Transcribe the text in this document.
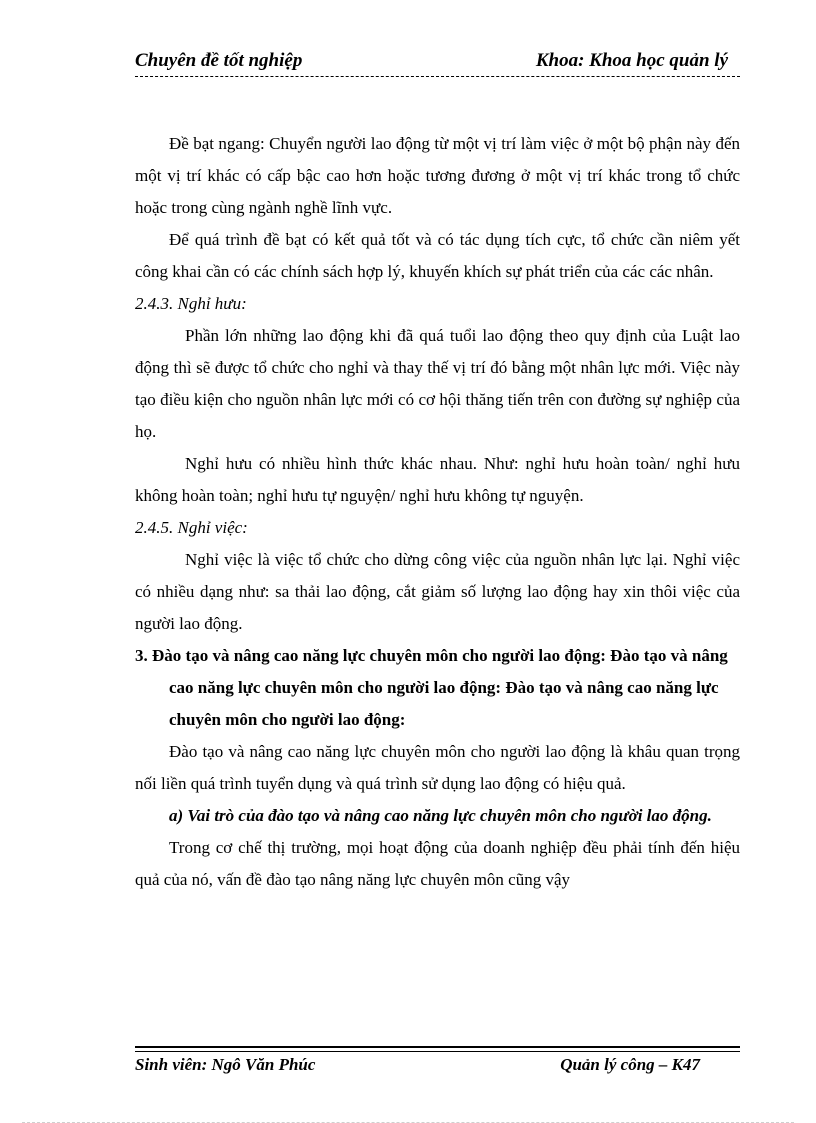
Chuyên đề tốt nghiệp	Khoa: Khoa học quản lý

Đề bạt ngang: Chuyển người lao động từ một vị trí làm việc ở một bộ phận này đến một vị trí khác có cấp bậc cao hơn hoặc tương đương ở một vị trí khác trong tổ chức hoặc trong cùng ngành nghề lĩnh vực.

Để quá trình đề bạt có kết quả tốt và có tác dụng tích cực, tổ chức cần niêm yết công khai cần có các chính sách hợp lý, khuyến khích sự phát triển của các các nhân.

2.4.3. Nghỉ hưu:

Phần lớn những lao động khi đã quá tuổi lao động theo quy định của Luật lao động thì sẽ được tổ chức cho nghỉ và thay thế vị trí đó bằng một nhân lực mới. Việc này tạo điều kiện cho nguồn nhân lực mới có cơ hội thăng tiến trên con đường sự nghiệp của họ.

Nghỉ hưu có nhiều hình thức khác nhau. Như: nghỉ hưu hoàn toàn/ nghỉ hưu không hoàn toàn; nghỉ hưu tự nguyện/ nghỉ hưu không tự nguyện.

2.4.5. Nghỉ việc:

Nghỉ việc là việc tổ chức cho dừng công việc của nguồn nhân lực lại. Nghỉ việc có nhiều dạng như: sa thải lao động, cắt giảm số lượng lao động hay xin thôi việc của người lao động.

3. Đào tạo và nâng cao năng lực chuyên môn cho người lao động: Đào tạo và nâng cao năng lực chuyên môn cho người lao động: Đào tạo và nâng cao năng lực chuyên môn cho người lao động:

Đào tạo và nâng cao năng lực chuyên môn cho người lao động là khâu quan trọng nối liền quá trình tuyển dụng và quá trình sử dụng lao động có hiệu quả.

a) Vai trò của đào tạo và nâng cao năng lực chuyên môn cho người lao động.

Trong cơ chế thị trường, mọi hoạt động của doanh nghiệp đều phải tính đến hiệu quả của nó, vấn đề đào tạo nâng năng lực chuyên môn cũng vậy

Sinh viên: Ngô Văn Phúc	Quản lý công – K47
